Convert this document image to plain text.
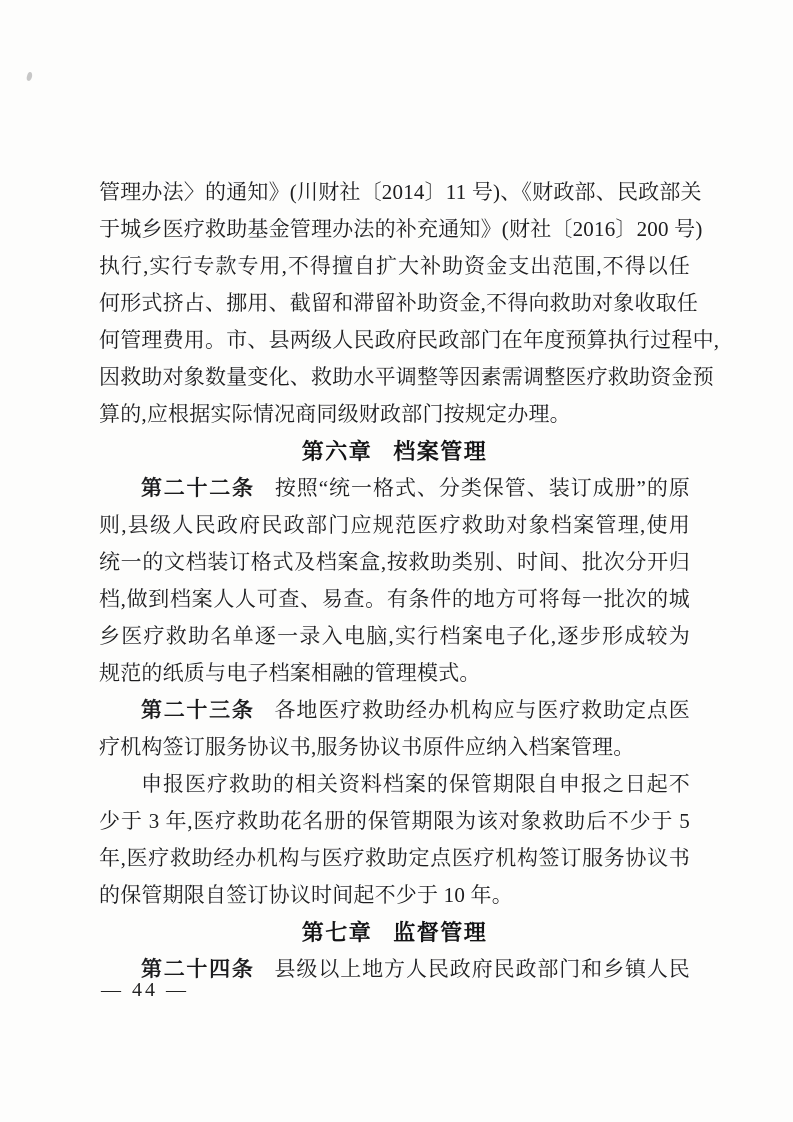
管理办法〉的通知》(川财社〔2014〕11 号)、《财政部、民政部关
于城乡医疗救助基金管理办法的补充通知》(财社〔2016〕200 号)
执行,实行专款专用,不得擅自扩大补助资金支出范围,不得以任
何形式挤占、挪用、截留和滞留补助资金,不得向救助对象收取任
何管理费用。市、县两级人民政府民政部门在年度预算执行过程中,
因救助对象数量变化、救助水平调整等因素需调整医疗救助资金预
算的,应根据实际情况商同级财政部门按规定办理。
第六章 档案管理
第二十二条 按照“统一格式、分类保管、装订成册”的原
则,县级人民政府民政部门应规范医疗救助对象档案管理,使用
统一的文档装订格式及档案盒,按救助类别、时间、批次分开归
档,做到档案人人可查、易查。有条件的地方可将每一批次的城
乡医疗救助名单逐一录入电脑,实行档案电子化,逐步形成较为
规范的纸质与电子档案相融的管理模式。
第二十三条 各地医疗救助经办机构应与医疗救助定点医
疗机构签订服务协议书,服务协议书原件应纳入档案管理。
申报医疗救助的相关资料档案的保管期限自申报之日起不
少于 3 年,医疗救助花名册的保管期限为该对象救助后不少于 5
年,医疗救助经办机构与医疗救助定点医疗机构签订服务协议书
的保管期限自签订协议时间起不少于 10 年。
第七章 监督管理
第二十四条 县级以上地方人民政府民政部门和乡镇人民
— 44 —
